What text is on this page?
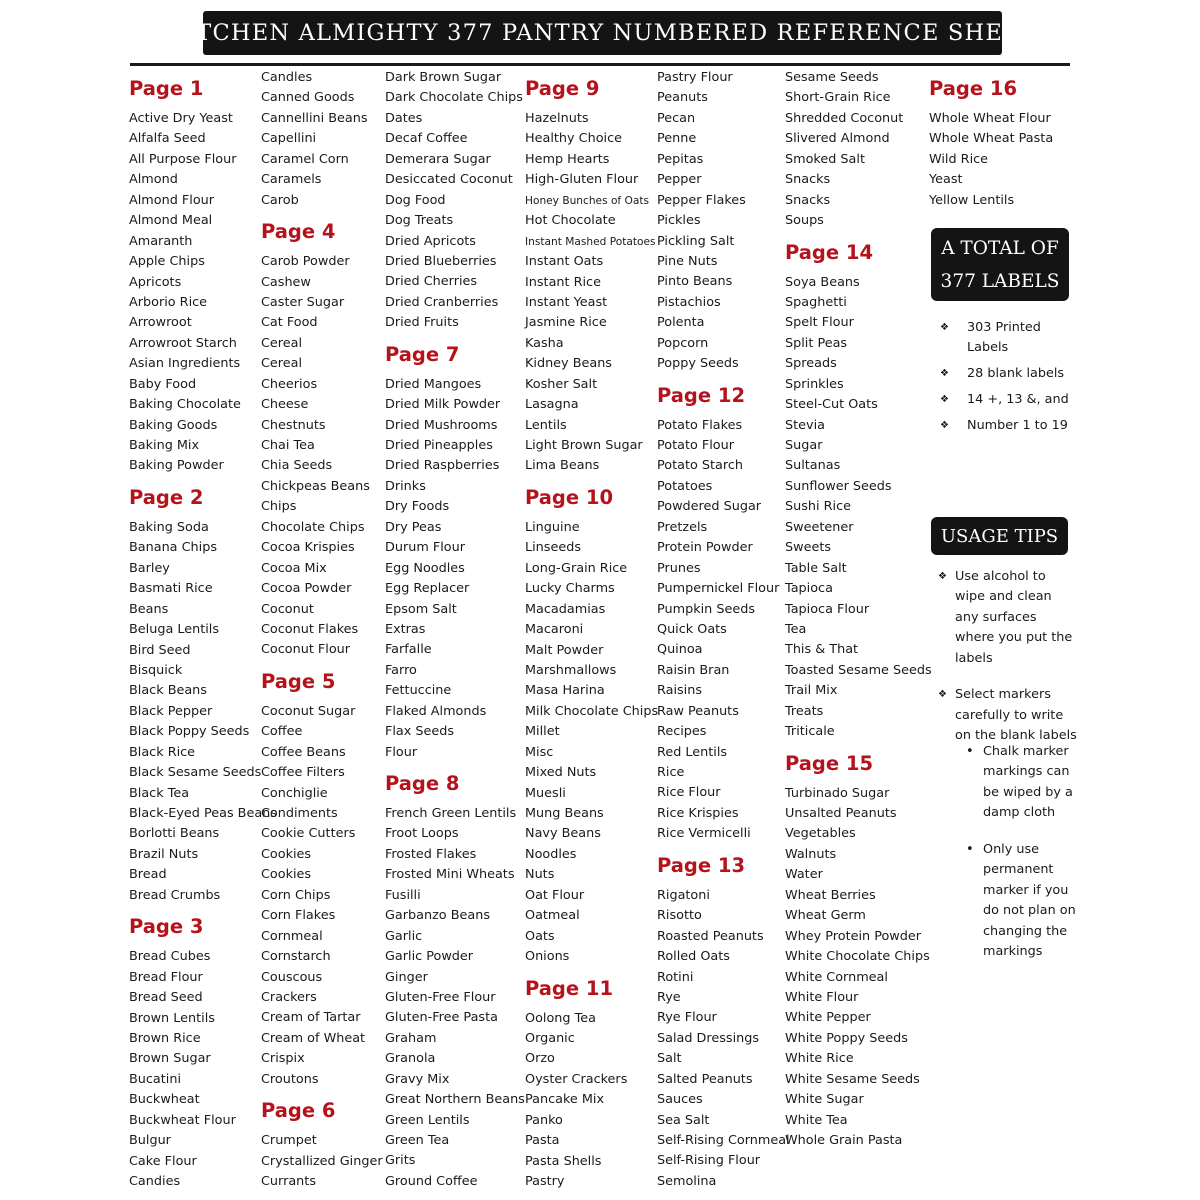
KITCHEN ALMIGHTY 377 PANTRY NUMBERED REFERENCE SHEET
Page 1
Active Dry Yeast
Alfalfa Seed
All Purpose Flour
Almond
Almond Flour
Almond Meal
Amaranth
Apple Chips
Apricots
Arborio Rice
Arrowroot
Arrowroot Starch
Asian Ingredients
Baby Food
Baking Chocolate
Baking Goods
Baking Mix
Baking Powder
Page 2
Baking Soda
Banana Chips
Barley
Basmati Rice
Beans
Beluga Lentils
Bird Seed
Bisquick
Black Beans
Black Pepper
Black Poppy Seeds
Black Rice
Black Sesame Seeds
Black Tea
Black-Eyed Peas Beans
Borlotti Beans
Brazil Nuts
Bread
Bread Crumbs
Page 3
Bread Cubes
Bread Flour
Bread Seed
Brown Lentils
Brown Rice
Brown Sugar
Bucatini
Buckwheat
Buckwheat Flour
Bulgur
Cake Flour
Candies
Candles
Canned Goods
Cannellini Beans
Capellini
Caramel Corn
Caramels
Carob
Page 4
Carob Powder
Cashew
Caster Sugar
Cat Food
Cereal
Cereal
Cheerios
Cheese
Chestnuts
Chai Tea
Chia Seeds
Chickpeas Beans
Chips
Chocolate Chips
Cocoa Krispies
Cocoa Mix
Cocoa Powder
Coconut
Coconut Flakes
Coconut Flour
Page 5
Coconut Sugar
Coffee
Coffee Beans
Coffee Filters
Conchiglie
Condiments
Cookie Cutters
Cookies
Cookies
Corn Chips
Corn Flakes
Cornmeal
Cornstarch
Couscous
Crackers
Cream of Tartar
Cream of Wheat
Crispix
Croutons
Page 6
Crumpet
Crystallized Ginger
Currants
Dark Brown Sugar
Dark Chocolate Chips
Dates
Decaf Coffee
Demerara Sugar
Desiccated Coconut
Dog Food
Dog Treats
Dried Apricots
Dried Blueberries
Dried Cherries
Dried Cranberries
Dried Fruits
Page 7
Dried Mangoes
Dried Milk Powder
Dried Mushrooms
Dried Pineapples
Dried Raspberries
Drinks
Dry Foods
Dry Peas
Durum Flour
Egg Noodles
Egg Replacer
Epsom Salt
Extras
Farfalle
Farro
Fettuccine
Flaked Almonds
Flax Seeds
Flour
Page 8
French Green Lentils
Froot Loops
Frosted Flakes
Frosted Mini Wheats
Fusilli
Garbanzo Beans
Garlic
Garlic Powder
Ginger
Gluten-Free Flour
Gluten-Free Pasta
Graham
Granola
Gravy Mix
Great Northern Beans
Green Lentils
Green Tea
Grits
Ground Coffee
Page 9
Hazelnuts
Healthy Choice
Hemp Hearts
High-Gluten Flour
Honey Bunches of Oats
Hot Chocolate
Instant Mashed Potatoes
Instant Oats
Instant Rice
Instant Yeast
Jasmine Rice
Kasha
Kidney Beans
Kosher Salt
Lasagna
Lentils
Light Brown Sugar
Lima Beans
Page 10
Linguine
Linseeds
Long-Grain Rice
Lucky Charms
Macadamias
Macaroni
Malt Powder
Marshmallows
Masa Harina
Milk Chocolate Chips
Millet
Misc
Mixed Nuts
Muesli
Mung Beans
Navy Beans
Noodles
Nuts
Oat Flour
Oatmeal
Oats
Onions
Page 11
Oolong Tea
Organic
Orzo
Oyster Crackers
Pancake Mix
Panko
Pasta
Pasta Shells
Pastry
Pastry Flour
Peanuts
Pecan
Penne
Pepitas
Pepper
Pepper Flakes
Pickles
Pickling Salt
Pine Nuts
Pinto Beans
Pistachios
Polenta
Popcorn
Poppy Seeds
Page 12
Potato Flakes
Potato Flour
Potato Starch
Potatoes
Powdered Sugar
Pretzels
Protein Powder
Prunes
Pumpernickel Flour
Pumpkin Seeds
Quick Oats
Quinoa
Raisin Bran
Raisins
Raw Peanuts
Recipes
Red Lentils
Rice
Rice Flour
Rice Krispies
Rice Vermicelli
Page 13
Rigatoni
Risotto
Roasted Peanuts
Rolled Oats
Rotini
Rye
Rye Flour
Salad Dressings
Salt
Salted Peanuts
Sauces
Sea Salt
Self-Rising Cornmeal
Self-Rising Flour
Semolina
Sesame Seeds
Short-Grain Rice
Shredded Coconut
Slivered Almond
Smoked Salt
Snacks
Snacks
Soups
Page 14
Soya Beans
Spaghetti
Spelt Flour
Split Peas
Spreads
Sprinkles
Steel-Cut Oats
Stevia
Sugar
Sultanas
Sunflower Seeds
Sushi Rice
Sweetener
Sweets
Table Salt
Tapioca
Tapioca Flour
Tea
This & That
Toasted Sesame Seeds
Trail Mix
Treats
Triticale
Page 15
Turbinado Sugar
Unsalted Peanuts
Vegetables
Walnuts
Water
Wheat Berries
Wheat Germ
Whey Protein Powder
White Chocolate Chips
White Cornmeal
White Flour
White Pepper
White Poppy Seeds
White Rice
White Sesame Seeds
White Sugar
White Tea
Whole Grain Pasta
Page 16
Whole Wheat Flour
Whole Wheat Pasta
Wild Rice
Yeast
Yellow Lentils
A TOTAL OF
377 LABELS
❖ 303 Printed Labels
❖ 28 blank labels
❖ 14 +, 13 &, and
❖ Number 1 to 19
USAGE TIPS
❖ Use alcohol to wipe and clean any surfaces where you put the labels
❖ Select markers carefully to write on the blank labels
• Chalk marker markings can be wiped by a damp cloth
• Only use permanent marker if you do not plan on changing the markings
